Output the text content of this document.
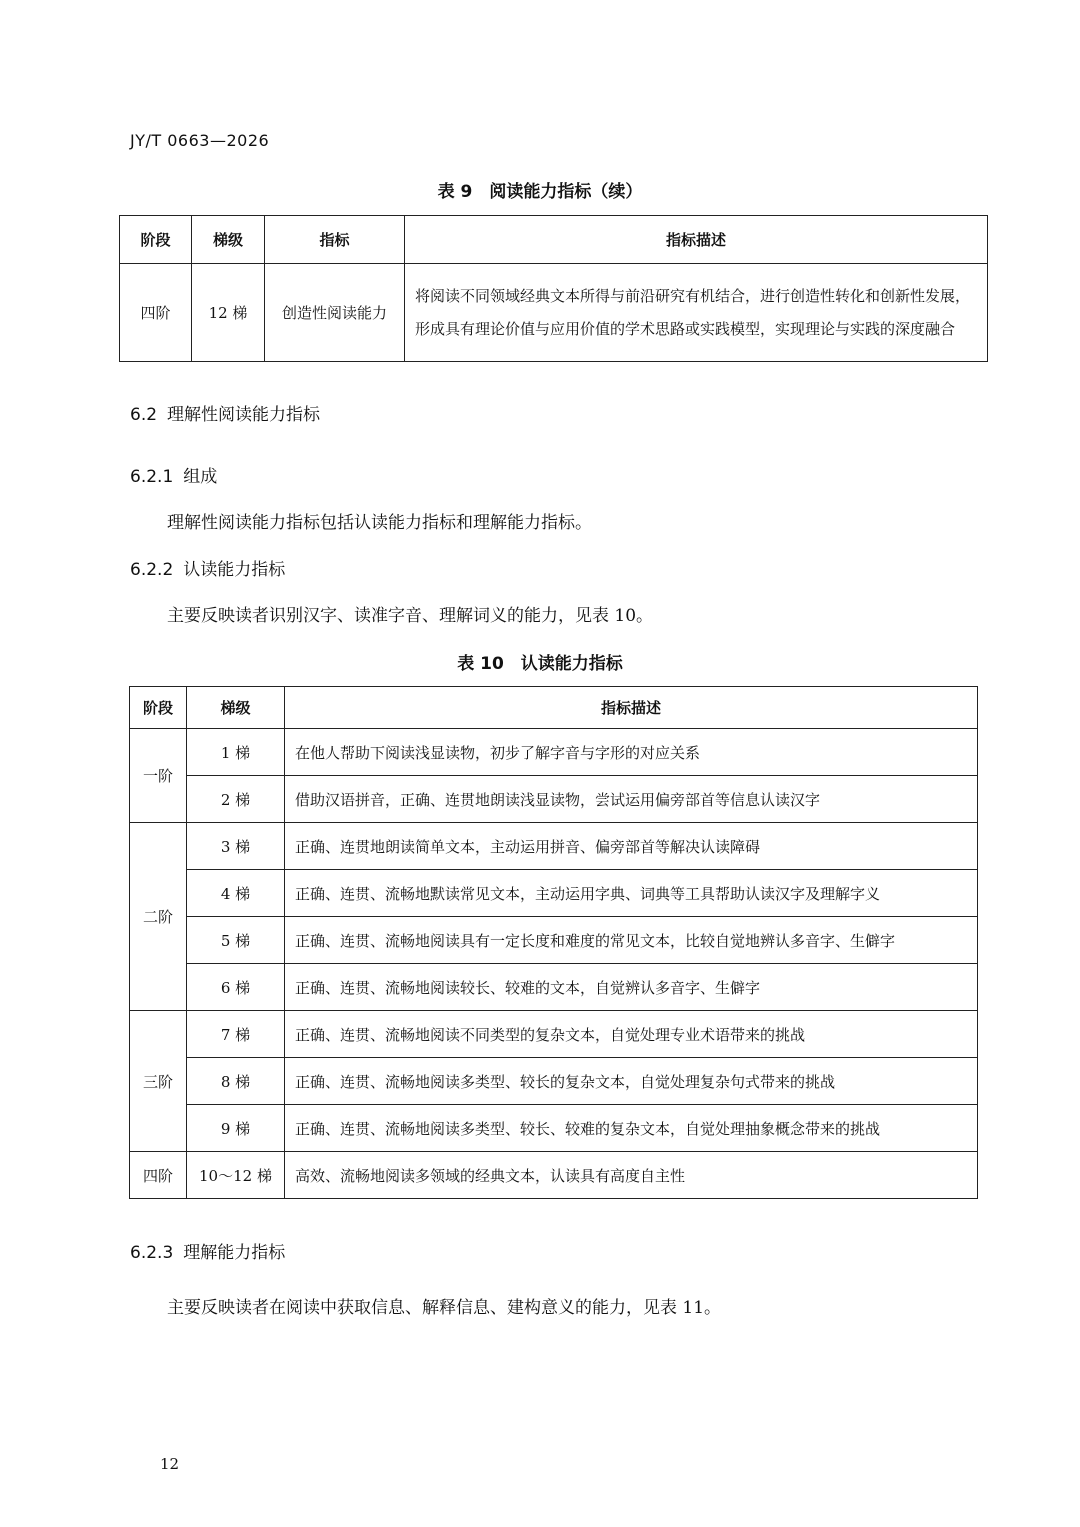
JY/T 0663—2026
表 9　阅读能力指标（续）
阶段	梯级	指标	指标描述
四阶	12 梯	创造性阅读能力	将阅读不同领域经典文本所得与前沿研究有机结合，进行创造性转化和创新性发展，形成具有理论价值与应用价值的学术思路或实践模型，实现理论与实践的深度融合
6.2 理解性阅读能力指标
6.2.1 组成
理解性阅读能力指标包括认读能力指标和理解能力指标。
6.2.2 认读能力指标
主要反映读者识别汉字、读准字音、理解词义的能力，见表 10。
表 10　认读能力指标
阶段	梯级	指标描述
一阶	1 梯	在他人帮助下阅读浅显读物，初步了解字音与字形的对应关系
	2 梯	借助汉语拼音，正确、连贯地朗读浅显读物，尝试运用偏旁部首等信息认读汉字
二阶	3 梯	正确、连贯地朗读简单文本，主动运用拼音、偏旁部首等解决认读障碍
	4 梯	正确、连贯、流畅地默读常见文本，主动运用字典、词典等工具帮助认读汉字及理解字义
	5 梯	正确、连贯、流畅地阅读具有一定长度和难度的常见文本，比较自觉地辨认多音字、生僻字
	6 梯	正确、连贯、流畅地阅读较长、较难的文本，自觉辨认多音字、生僻字
三阶	7 梯	正确、连贯、流畅地阅读不同类型的复杂文本，自觉处理专业术语带来的挑战
	8 梯	正确、连贯、流畅地阅读多类型、较长的复杂文本，自觉处理复杂句式带来的挑战
	9 梯	正确、连贯、流畅地阅读多类型、较长、较难的复杂文本，自觉处理抽象概念带来的挑战
四阶	10～12 梯	高效、流畅地阅读多领域的经典文本，认读具有高度自主性
6.2.3 理解能力指标
主要反映读者在阅读中获取信息、解释信息、建构意义的能力，见表 11。
12
